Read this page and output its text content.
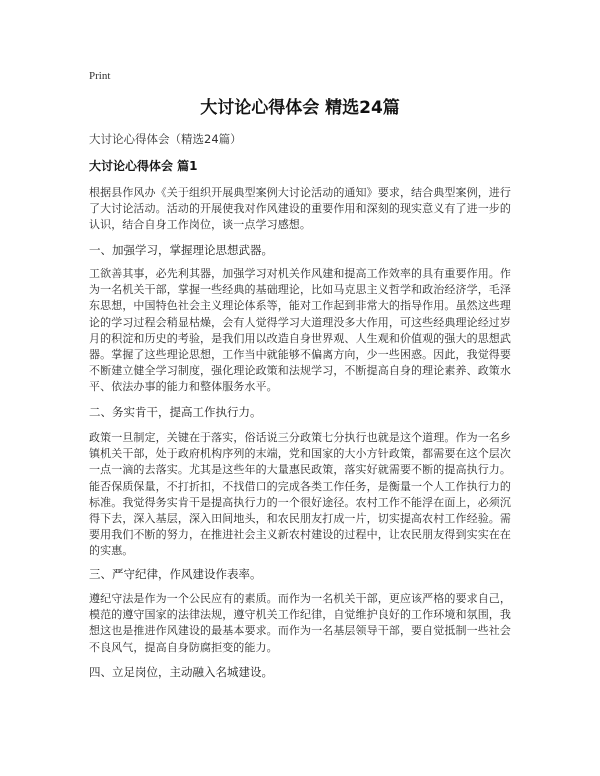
Print
大讨论心得体会 精选24篇
大讨论心得体会（精选24篇）
大讨论心得体会 篇1

根据县作风办《关于组织开展典型案例大讨论活动的通知》要求，结合典型案例，进行了大讨论活动。活动的开展使我对作风建设的重要作用和深刻的现实意义有了进一步的认识，结合自身工作岗位，谈一点学习感想。

一、加强学习，掌握理论思想武器。

工欲善其事，必先利其器，加强学习对机关作风建和提高工作效率的具有重要作用。作为一名机关干部，掌握一些经典的基础理论，比如马克思主义哲学和政治经济学，毛泽东思想，中国特色社会主义理论体系等，能对工作起到非常大的指导作用。虽然这些理论的学习过程会稍显枯燥，会有人觉得学习大道理没多大作用，可这些经典理论经过岁月的积淀和历史的考验，是我们用以改造自身世界观、人生观和价值观的强大的思想武器。掌握了这些理论思想，工作当中就能够不偏离方向，少一些困惑。因此，我觉得要不断建立健全学习制度，强化理论政策和法规学习，不断提高自身的理论素养、政策水平、依法办事的能力和整体服务水平。

二、务实肯干，提高工作执行力。

政策一旦制定，关键在于落实，俗话说三分政策七分执行也就是这个道理。作为一名乡镇机关干部，处于政府机构序列的末端，党和国家的大小方针政策，都需要在这个层次一点一滴的去落实。尤其是这些年的大量惠民政策，落实好就需要不断的提高执行力。能否保质保量，不打折扣，不找借口的完成各类工作任务，是衡量一个人工作执行力的标准。我觉得务实肯干是提高执行力的一个很好途径。农村工作不能浮在面上，必须沉得下去，深入基层，深入田间地头，和农民朋友打成一片，切实提高农村工作经验。需要用我们不断的努力，在推进社会主义新农村建设的过程中，让农民朋友得到实实在在的实惠。

三、严守纪律，作风建设作表率。

遵纪守法是作为一个公民应有的素质。而作为一名机关干部，更应该严格的要求自己，模范的遵守国家的法律法规，遵守机关工作纪律，自觉维护良好的工作环境和氛围，我想这也是推进作风建设的最基本要求。而作为一名基层领导干部，要自觉抵制一些社会不良风气，提高自身防腐拒变的能力。

四、立足岗位，主动融入名城建设。
